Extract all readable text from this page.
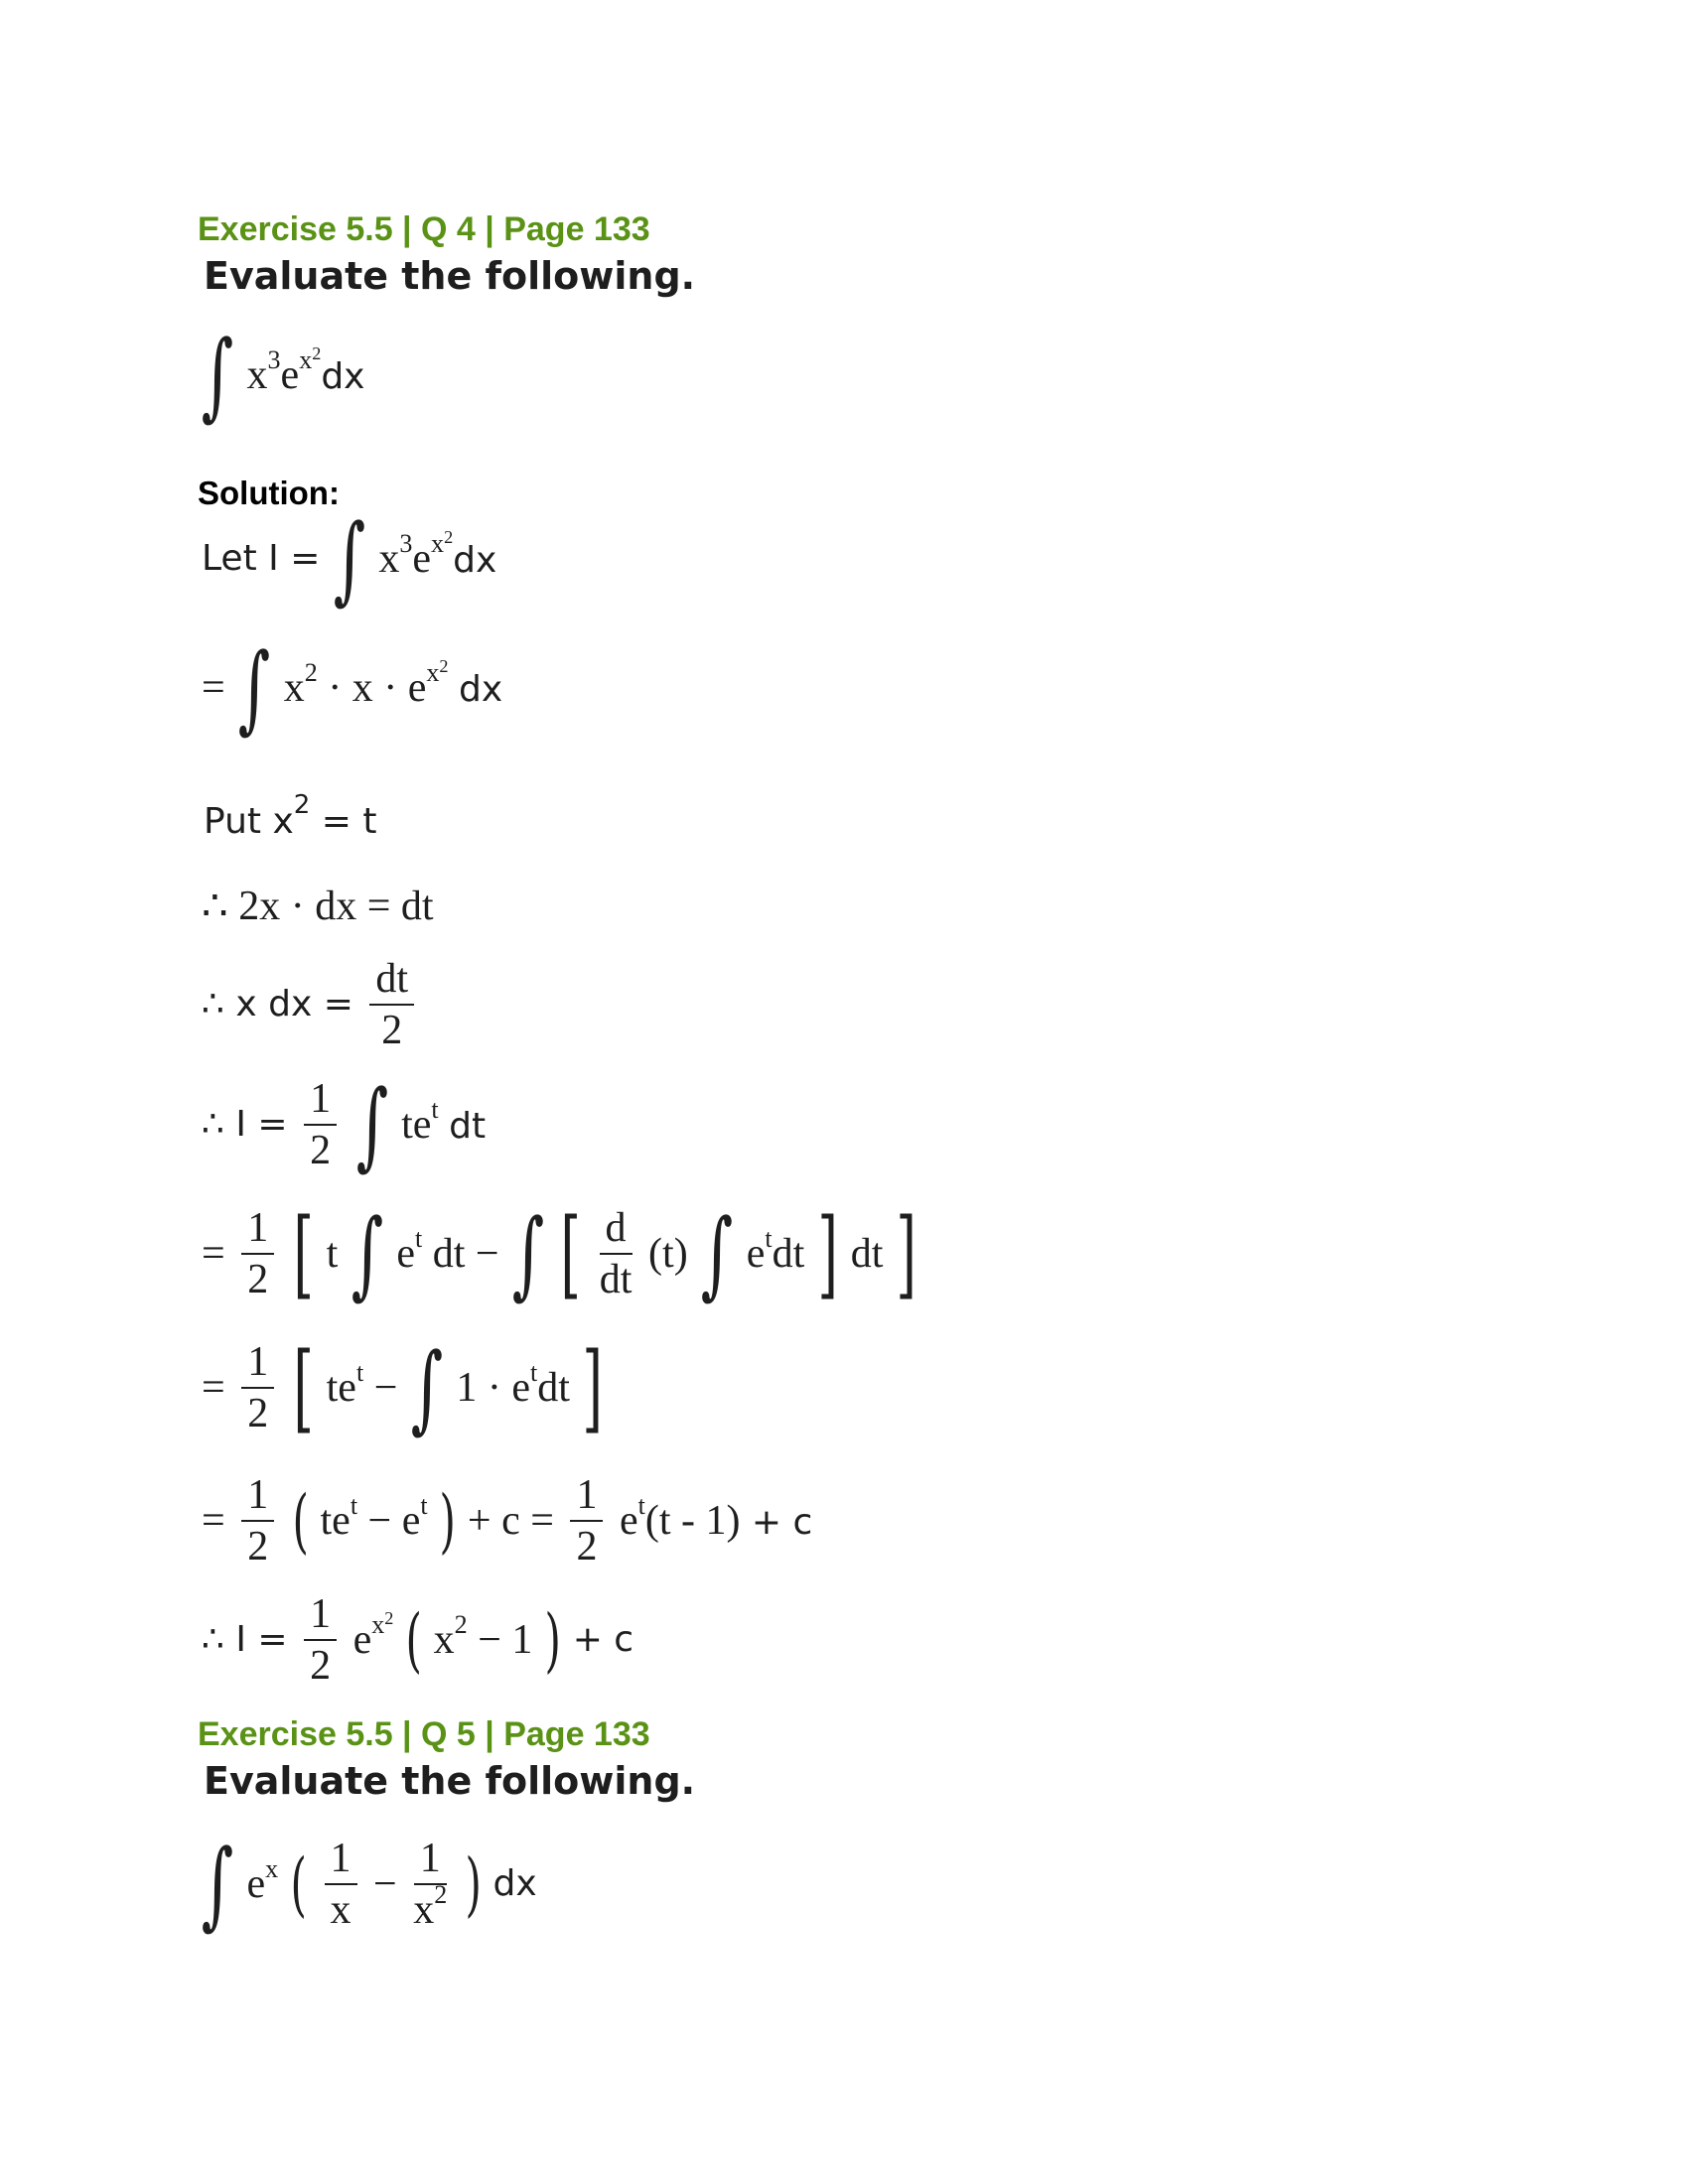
Exercise 5.5 | Q 4 | Page 133
Evaluate the following.
∫ $x^3e^{x^2}dx$
Solution:
Let I = ∫ $x^3e^{x^2}dx$
= ∫ $x^2 \cdot x \cdot e^{x^2}$ dx
Put $x^2 = t$
∴ 2x · dx = dt
∴ x dx = $\frac{dt}{2}$
∴ $I = \frac{1}{2}$ ∫ $te^t$ dt
= $\frac{1}{2}$ [ t ∫ $e^t$ dt − ∫ [ $\frac{d}{dt} (t)$ ∫ $e^tdt$ ] dt ]
= $\frac{1}{2}$ [ $te^t$ − ∫ $1 \cdot e^tdt$ ]
= $\frac{1}{2}$ ( $te^t - e^t$ ) + $c = \frac{1}{2} e^t(t - 1) + c$
∴ $I = \frac{1}{2} e^{x^2}$ ( $x^2 - 1$ ) + c
Exercise 5.5 | Q 5 | Page 133
Evaluate the following.
∫ $e^x$ ( $\frac{1}{x} - \frac{1}{x^2}$ ) dx
